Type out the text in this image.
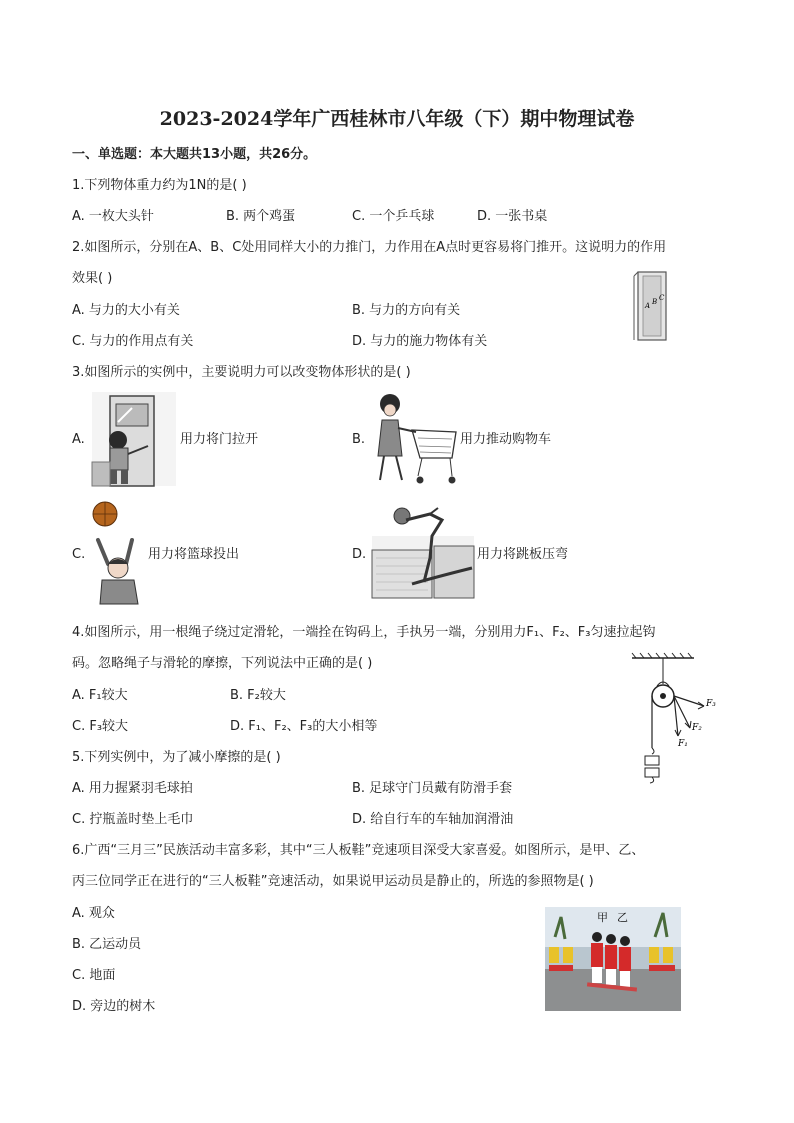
2023-2024学年广西桂林市八年级（下）期中物理试卷
一、单选题：本大题共13小题，共26分。
1.下列物体重力约为1N的是( )
A. 一枚大头针	B. 两个鸡蛋	C. 一个乒乓球	D. 一张书桌
2.如图所示，分别在A、B、C处用同样大小的力推门，力作用在A点时更容易将门推开。这说明力的作用
效果( )
A. 与力的大小有关	B. 与力的方向有关
C. 与力的作用点有关	D. 与力的施力物体有关
A B C
3.如图所示的实例中，主要说明力可以改变物体形状的是( )
A.	用力将门拉开	B.	用力推动购物车
C.	用力将篮球投出	D.	用力将跳板压弯
4.如图所示，用一根绳子绕过定滑轮，一端拴在钩码上，手执另一端，分别用力F₁、F₂、F₃匀速拉起钩
码。忽略绳子与滑轮的摩擦，下列说法中正确的是( )
A. F₁较大	B. F₂较大
C. F₃较大	D. F₁、F₂、F₃的大小相等
F₃
F₂
F₁
5.下列实例中，为了减小摩擦的是( )
A. 用力握紧羽毛球拍	B. 足球守门员戴有防滑手套
C. 拧瓶盖时垫上毛巾	D. 给自行车的车轴加润滑油
6.广西“三月三”民族活动丰富多彩，其中“三人板鞋”竞速项目深受大家喜爱。如图所示，是甲、乙、
丙三位同学正在进行的“三人板鞋”竞速活动，如果说甲运动员是静止的，所选的参照物是( )
A. 观众
B. 乙运动员
C. 地面
D. 旁边的树木
甲 乙
